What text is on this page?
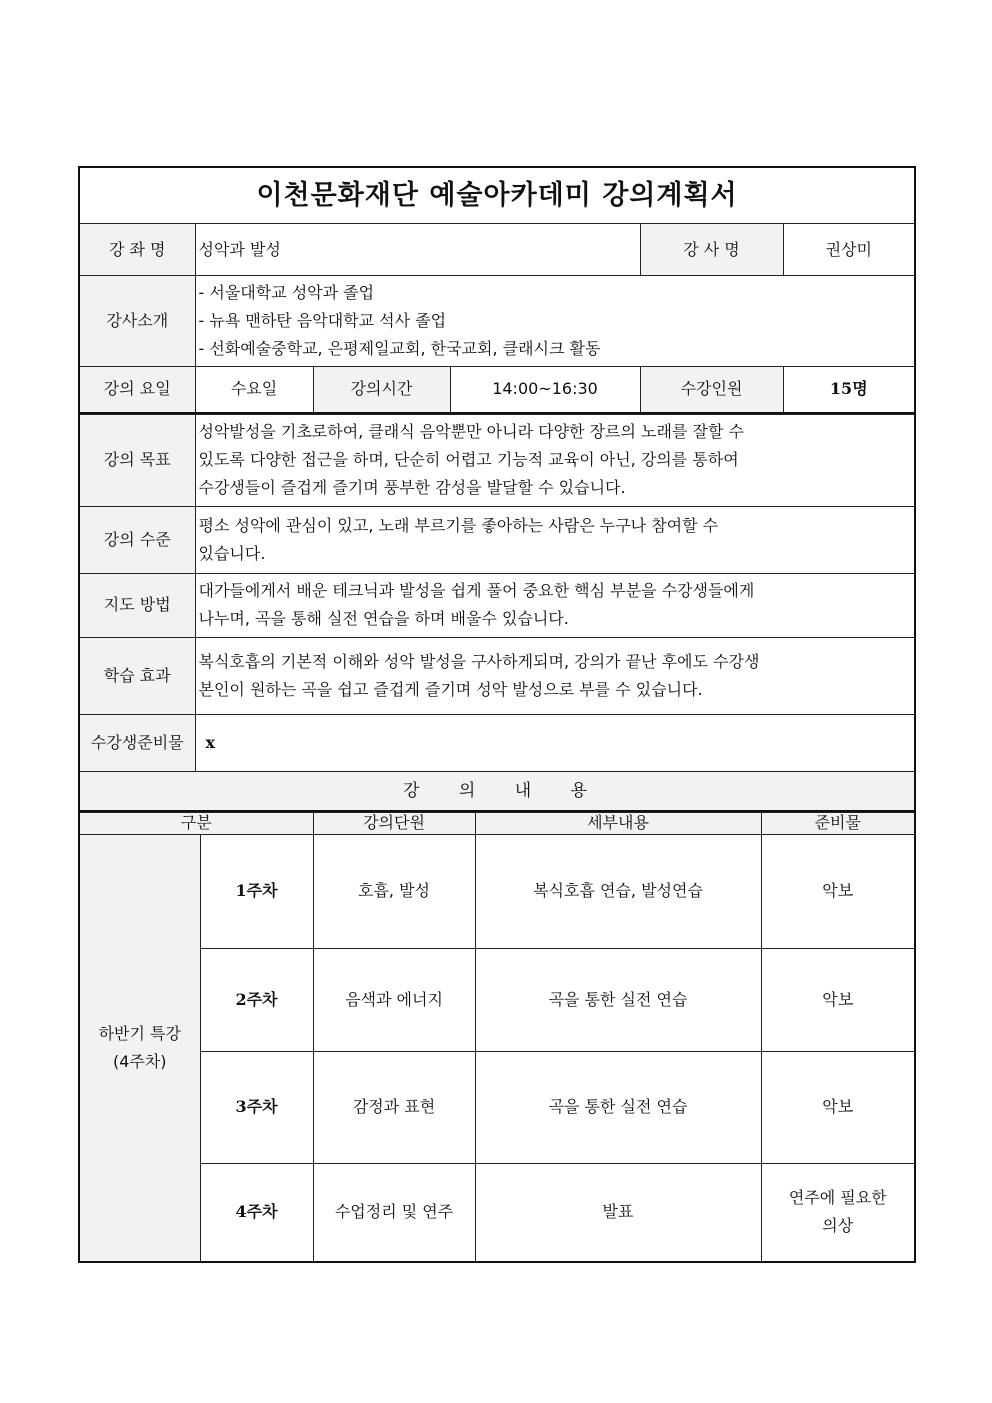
이천문화재단 예술아카데미 강의계획서					
강 좌 명	성악과 발성			강 사 명	권상미
강사소개	- 서울대학교 성악과 졸업
- 뉴욕 맨하탄 음악대학교 석사 졸업
- 선화예술중학교, 은평제일교회, 한국교회, 클래시크 활동				

강의 요일	수요일	강의시간	14:00~16:30	수강인원	15명
강의 목표	성악발성을 기초로하여, 클래식 음악뿐만 아니라 다양한 장르의 노래를 잘할 수
있도록 다양한 접근을 하며, 단순히 어렵고 기능적 교육이 아닌, 강의를 통하여
수강생들이 즐겁게 즐기며 풍부한 감성을 발달할 수 있습니다.

강의 수준	평소 성악에 관심이 있고, 노래 부르기를 좋아하는 사람은 누구나 참여할 수
있습니다.

지도 방법	대가들에게서 배운 테크닉과 발성을 쉽게 풀어 중요한 핵심 부분을 수강생들에게
나누며, 곡을 통해 실전 연습을 하며 배울수 있습니다.

학습 효과	복식호흡의 기본적 이해와 성악 발성을 구사하게되며, 강의가 끝난 후에도 수강생
본인이 원하는 곡을 쉽고 즐겁게 즐기며 성악 발성으로 부를 수 있습니다.

수강생준비물	x
강 의 내 용	
구분		강의단원	세부내용	준비물

하반기 특강
(4주차)	1주차	호흡, 발성	복식호흡 연습, 발성연습	악보
	2주차	음색과 에너지	곡을 통한 실전 연습	악보
	3주차	감정과 표현	곡을 통한 실전 연습	악보
	4주차	수업정리 및 연주	발표	연주에 필요한
의상
